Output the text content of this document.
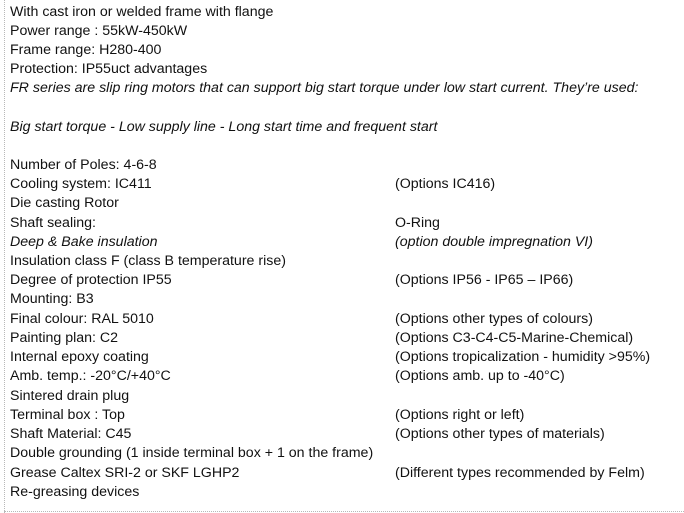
With cast iron or welded frame with flange
Power range : 55kW-450kW
Frame range: H280-400
Protection: IP55uct advantages
FR series are slip ring motors that can support big start torque under low start current. They’re used:
Big start torque - Low supply line - Long start time and frequent start
Number of Poles: 4-6-8
Cooling system: IC411	(Options IC416)
Die casting Rotor
Shaft sealing:	O-Ring
Deep & Bake insulation	(option double impregnation VI)
Insulation class F (class B temperature rise)
Degree of protection IP55	(Options IP56 - IP65 – IP66)
Mounting: B3
Final colour: RAL 5010	(Options other types of colours)
Painting plan: C2	(Options C3-C4-C5-Marine-Chemical)
Internal epoxy coating	(Options tropicalization - humidity >95%)
Amb. temp.: -20°C/+40°C	(Options amb. up to -40°C)
Sintered drain plug
Terminal box : Top	(Options right or left)
Shaft Material: C45	(Options other types of materials)
Double grounding (1 inside terminal box + 1 on the frame)
Grease Caltex SRI-2 or SKF LGHP2	(Different types recommended by Felm)
Re-greasing devices
